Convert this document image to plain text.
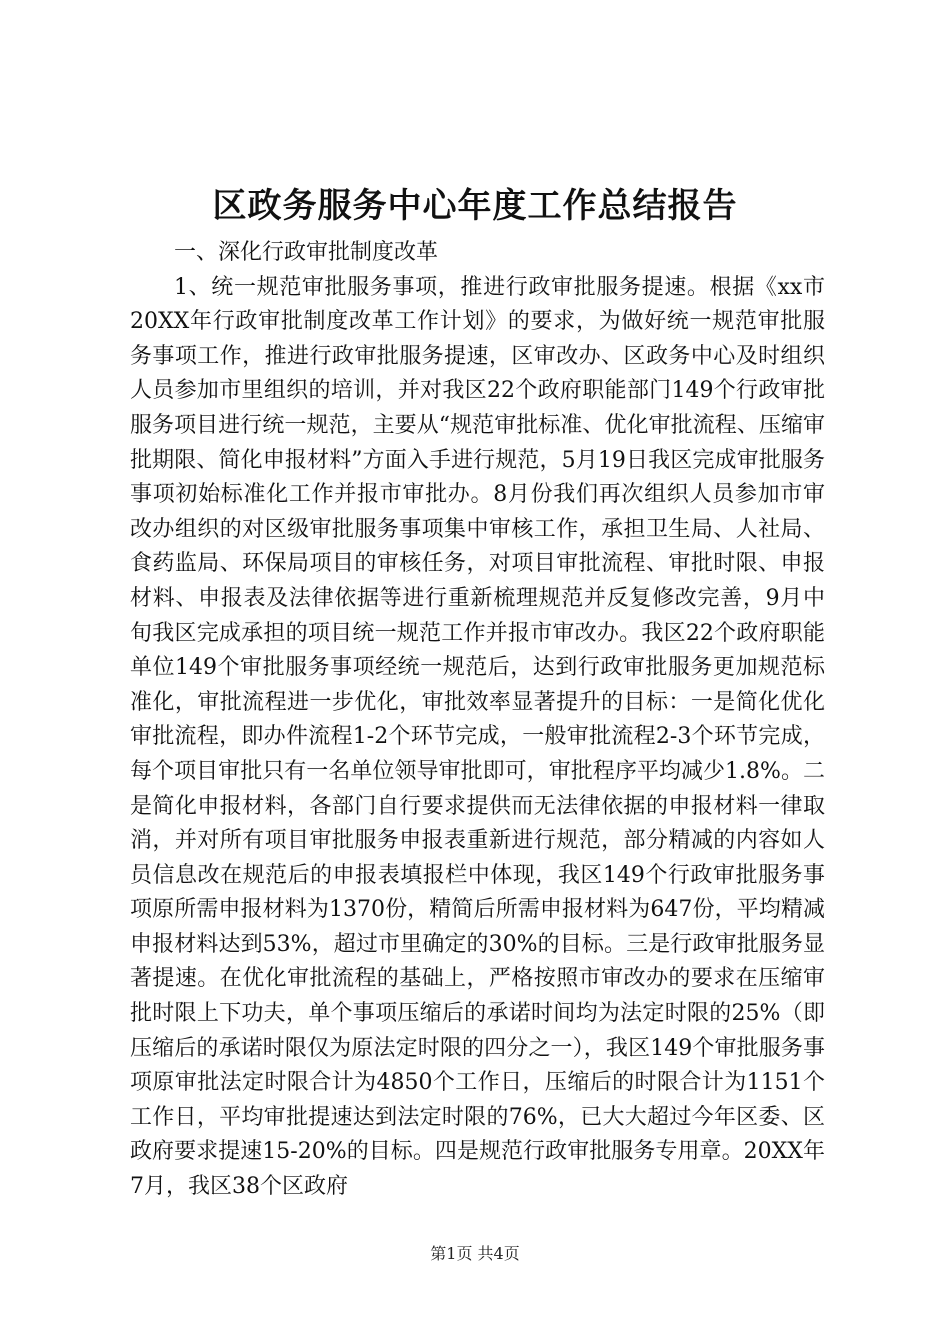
区政务服务中心年度工作总结报告

一、深化行政审批制度改革

1、统一规范审批服务事项，推进行政审批服务提速。根据《xx市20XX年行政审批制度改革工作计划》的要求，为做好统一规范审批服务事项工作，推进行政审批服务提速，区审改办、区政务中心及时组织人员参加市里组织的培训，并对我区22个政府职能部门149个行政审批服务项目进行统一规范，主要从“规范审批标准、优化审批流程、压缩审批期限、简化申报材料”方面入手进行规范，5月19日我区完成审批服务事项初始标准化工作并报市审批办。8月份我们再次组织人员参加市审改办组织的对区级审批服务事项集中审核工作，承担卫生局、人社局、食药监局、环保局项目的审核任务，对项目审批流程、审批时限、申报材料、申报表及法律依据等进行重新梳理规范并反复修改完善，9月中旬我区完成承担的项目统一规范工作并报市审改办。我区22个政府职能单位149个审批服务事项经统一规范后，达到行政审批服务更加规范标准化，审批流程进一步优化，审批效率显著提升的目标：一是简化优化审批流程，即办件流程1-2个环节完成，一般审批流程2-3个环节完成，每个项目审批只有一名单位领导审批即可，审批程序平均减少1.8%。二是简化申报材料，各部门自行要求提供而无法律依据的申报材料一律取消，并对所有项目审批服务申报表重新进行规范，部分精减的内容如人员信息改在规范后的申报表填报栏中体现，我区149个行政审批服务事项原所需申报材料为1370份，精简后所需申报材料为647份，平均精减申报材料达到53%，超过市里确定的30%的目标。三是行政审批服务显著提速。在优化审批流程的基础上，严格按照市审改办的要求在压缩审批时限上下功夫，单个事项压缩后的承诺时间均为法定时限的25%（即压缩后的承诺时限仅为原法定时限的四分之一），我区149个审批服务事项原审批法定时限合计为4850个工作日，压缩后的时限合计为1151个工作日，平均审批提速达到法定时限的76%，已大大超过今年区委、区政府要求提速15-20%的目标。四是规范行政审批服务专用章。20XX年7月，我区38个区政府

第1页 共4页
